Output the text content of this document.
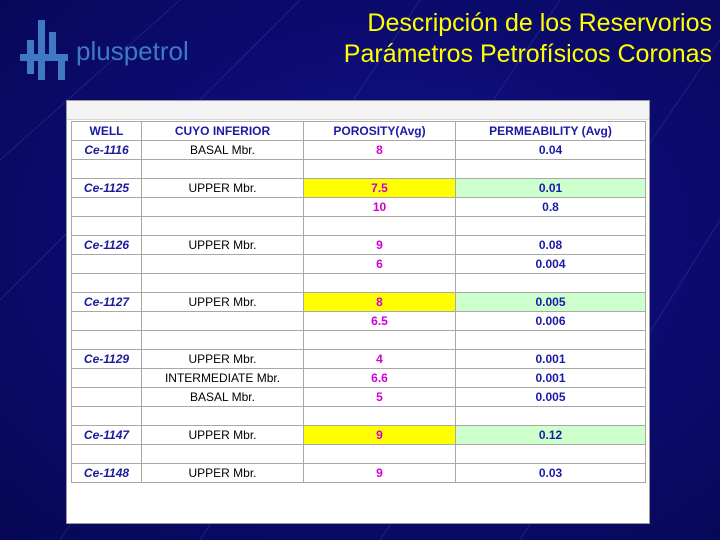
pluspetrol
Descripción de los Reservorios
Parámetros Petrofísicos Coronas
WELL	CUYO INFERIOR	POROSITY(Avg)	PERMEABILITY (Avg)
Ce-1116	BASAL Mbr.	8	0.04

Ce-1125	UPPER Mbr.	7.5	0.01
		10	0.8

Ce-1126	UPPER Mbr.	9	0.08
		6	0.004

Ce-1127	UPPER Mbr.	8	0.005
		6.5	0.006

Ce-1129	UPPER Mbr.	4	0.001
	INTERMEDIATE Mbr.	6.6	0.001
	BASAL Mbr.	5	0.005

Ce-1147	UPPER Mbr.	9	0.12

Ce-1148	UPPER Mbr.	9	0.03
